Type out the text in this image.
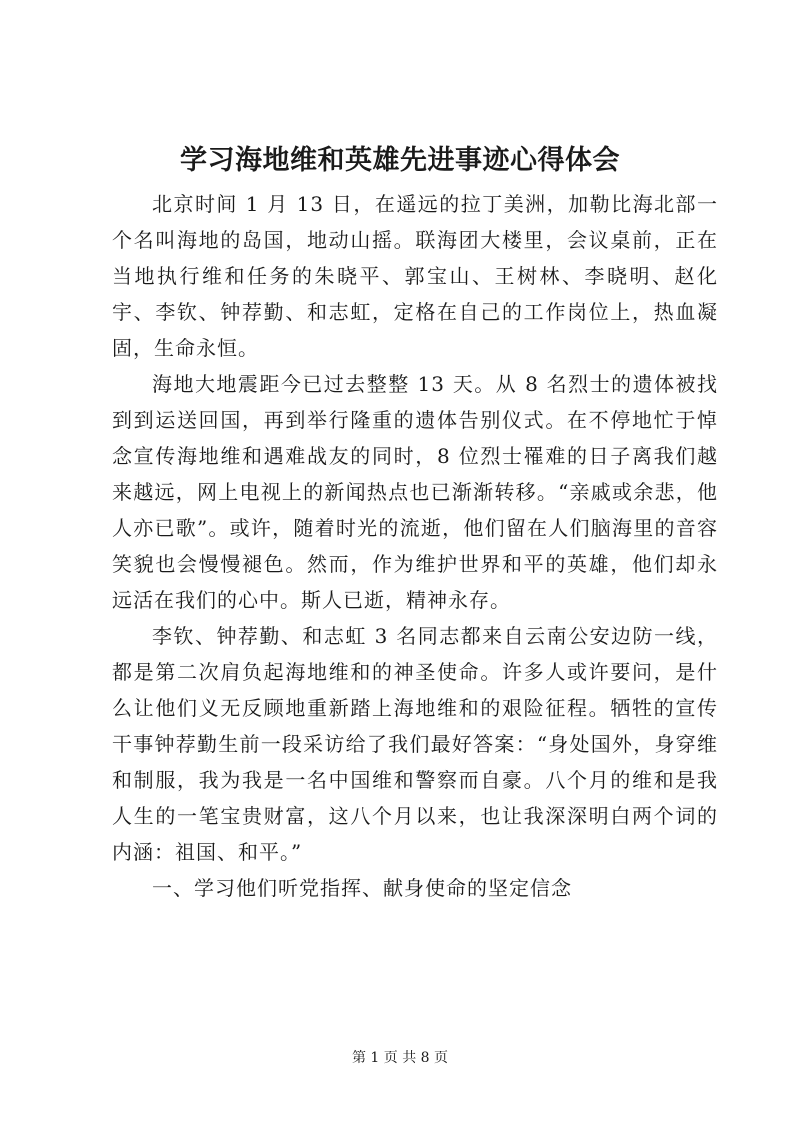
学习海地维和英雄先进事迹心得体会

北京时间 1 月 13 日，在遥远的拉丁美洲，加勒比海北部一个名叫海地的岛国，地动山摇。联海团大楼里，会议桌前，正在当地执行维和任务的朱晓平、郭宝山、王树林、李晓明、赵化宇、李钦、钟荐勤、和志虹，定格在自己的工作岗位上，热血凝固，生命永恒。

海地大地震距今已过去整整 13 天。从 8 名烈士的遗体被找到到运送回国，再到举行隆重的遗体告别仪式。在不停地忙于悼念宣传海地维和遇难战友的同时，8 位烈士罹难的日子离我们越来越远，网上电视上的新闻热点也已渐渐转移。“亲戚或余悲，他人亦已歌”。或许，随着时光的流逝，他们留在人们脑海里的音容笑貌也会慢慢褪色。然而，作为维护世界和平的英雄，他们却永远活在我们的心中。斯人已逝，精神永存。

李钦、钟荐勤、和志虹 3 名同志都来自云南公安边防一线，都是第二次肩负起海地维和的神圣使命。许多人或许要问，是什么让他们义无反顾地重新踏上海地维和的艰险征程。牺牲的宣传干事钟荐勤生前一段采访给了我们最好答案：“身处国外，身穿维和制服，我为我是一名中国维和警察而自豪。八个月的维和是我人生的一笔宝贵财富，这八个月以来，也让我深深明白两个词的内涵：祖国、和平。”

一、学习他们听党指挥、献身使命的坚定信念

第 1 页 共 8 页
